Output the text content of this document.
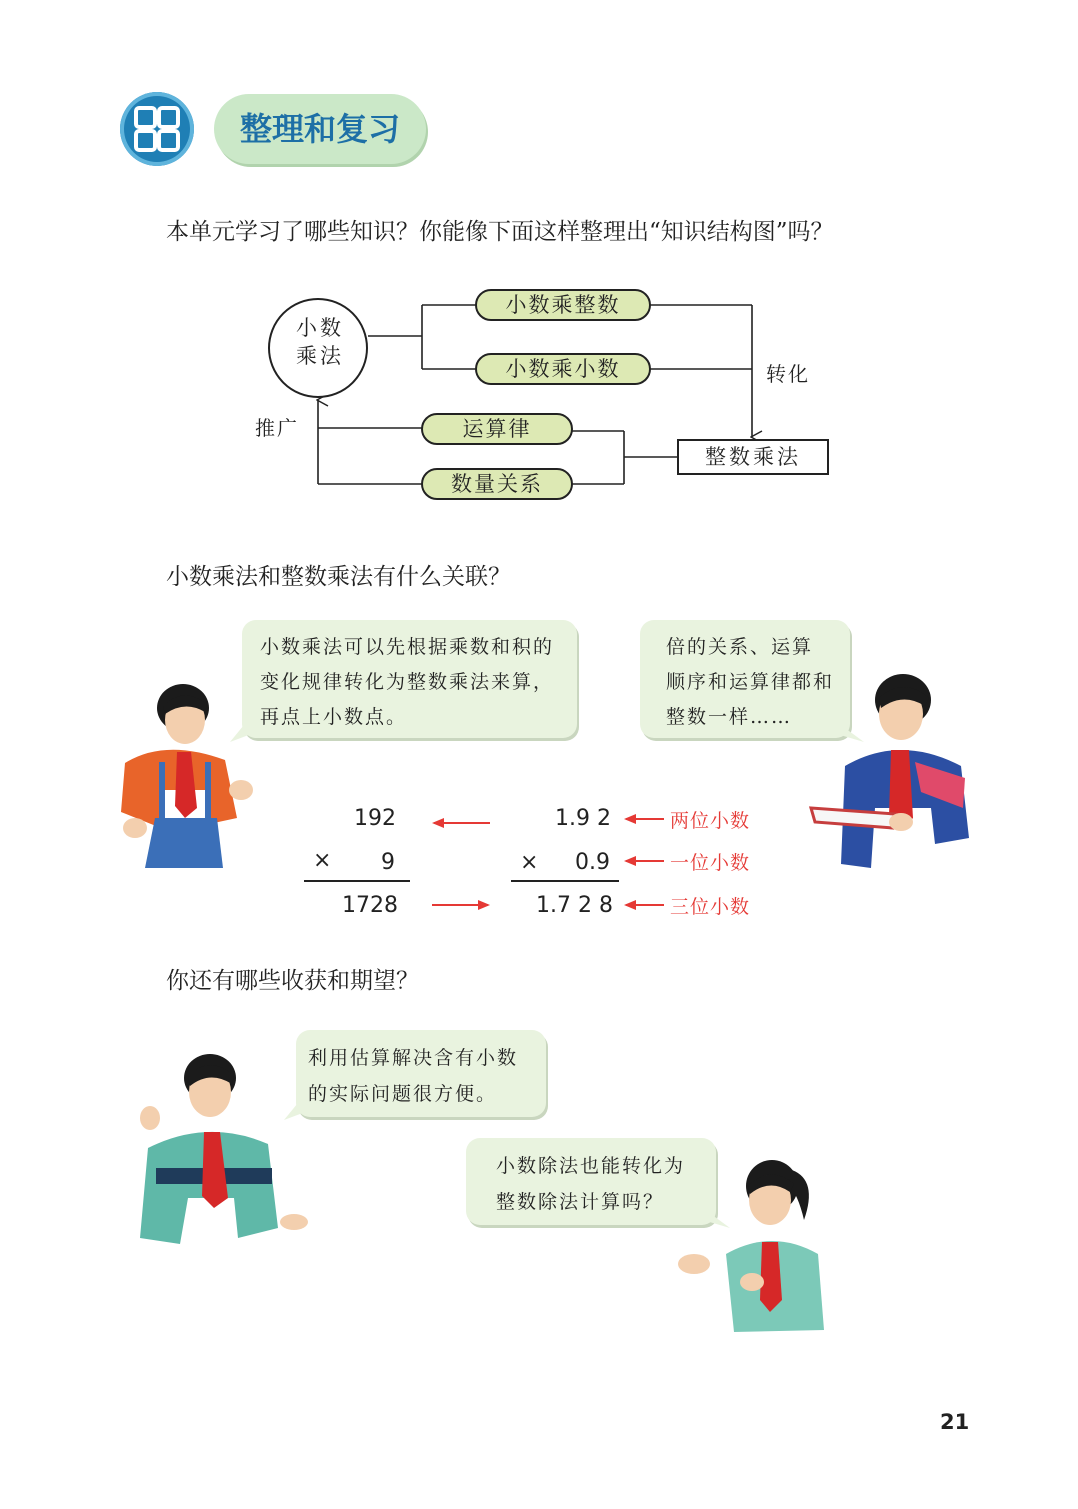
整理和复习
本单元学习了哪些知识？你能像下面这样整理出“知识结构图”吗？
小数
乘法
小数乘整数
小数乘小数
运算律
数量关系
整数乘法
转化
推广
小数乘法和整数乘法有什么关联？
小数乘法可以先根据乘数和积的
变化规律转化为整数乘法来算，
再点上小数点。
倍的关系、运算
顺序和运算律都和
整数一样……
192
× 9
1728
1.9 2
× 0.9
1.7 2 8
两位小数
一位小数
三位小数
你还有哪些收获和期望？
利用估算解决含有小数
的实际问题很方便。
小数除法也能转化为
整数除法计算吗？
21
